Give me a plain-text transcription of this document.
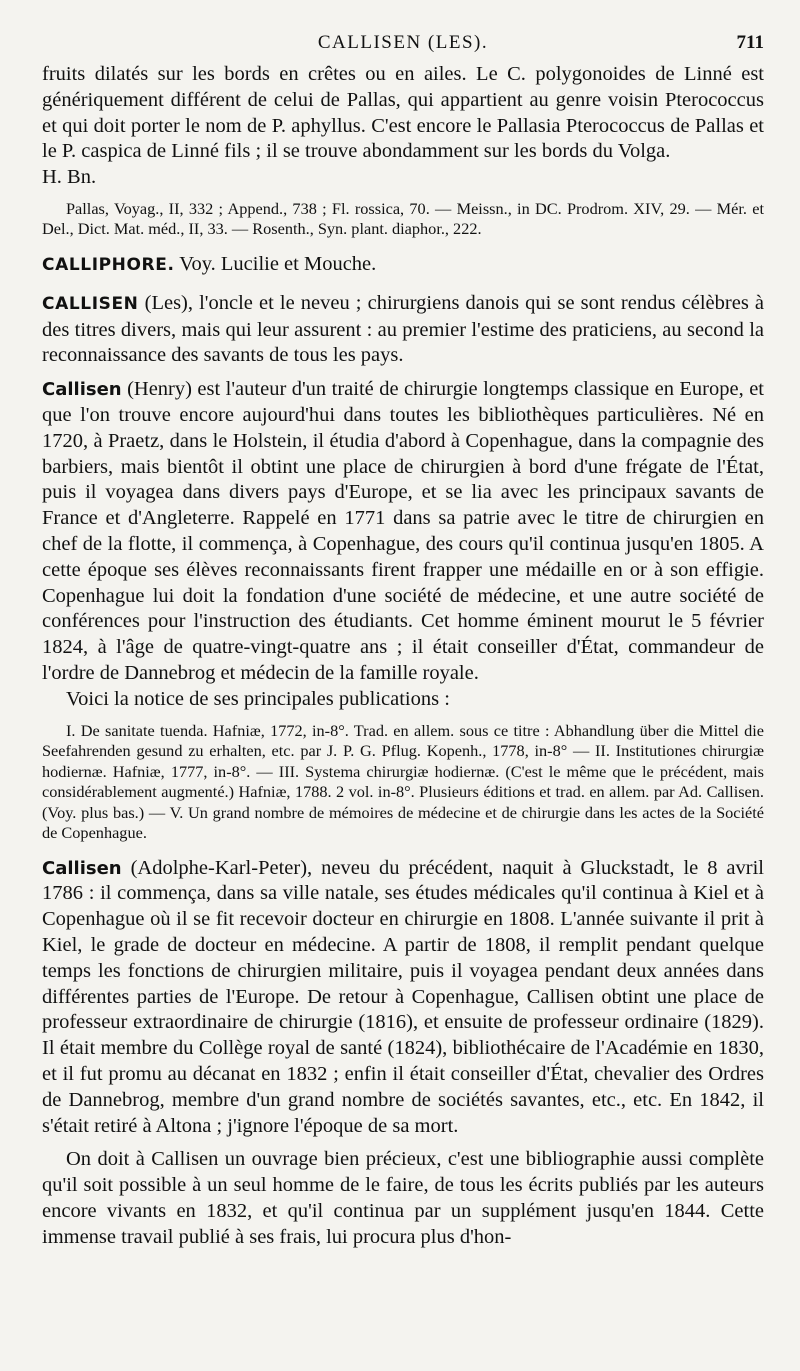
CALLISEN (LES).	711

fruits dilatés sur les bords en crêtes ou en ailes. Le C. polygonoides de Linné est génériquement différent de celui de Pallas, qui appartient au genre voisin Pterococcus et qui doit porter le nom de P. aphyllus. C'est encore le Pallasia Pterococcus de Pallas et le P. caspica de Linné fils ; il se trouve abondamment sur les bords du Volga.
H. Bn.

Pallas, Voyag., II, 332 ; Append., 738 ; Fl. rossica, 70. — Meissn., in DC. Prodrom. XIV, 29. — Mér. et Del., Dict. Mat. méd., II, 33. — Rosenth., Syn. plant. diaphor., 222.

CALLIPHORE. Voy. Lucilie et Mouche.

CALLISEN (Les), l'oncle et le neveu ; chirurgiens danois qui se sont rendus célèbres à des titres divers, mais qui leur assurent : au premier l'estime des praticiens, au second la reconnaissance des savants de tous les pays.

Callisen (Henry) est l'auteur d'un traité de chirurgie longtemps classique en Europe, et que l'on trouve encore aujourd'hui dans toutes les bibliothèques particulières. Né en 1720, à Praetz, dans le Holstein, il étudia d'abord à Copenhague, dans la compagnie des barbiers, mais bientôt il obtint une place de chirurgien à bord d'une frégate de l'État, puis il voyagea dans divers pays d'Europe, et se lia avec les principaux savants de France et d'Angleterre. Rappelé en 1771 dans sa patrie avec le titre de chirurgien en chef de la flotte, il commença, à Copenhague, des cours qu'il continua jusqu'en 1805. A cette époque ses élèves reconnaissants firent frapper une médaille en or à son effigie. Copenhague lui doit la fondation d'une société de médecine, et une autre société de conférences pour l'instruction des étudiants. Cet homme éminent mourut le 5 février 1824, à l'âge de quatre-vingt-quatre ans ; il était conseiller d'État, commandeur de l'ordre de Dannebrog et médecin de la famille royale.

Voici la notice de ses principales publications :

I. De sanitate tuenda. Hafniæ, 1772, in-8°. Trad. en allem. sous ce titre : Abhandlung über die Mittel die Seefahrenden gesund zu erhalten, etc. par J. P. G. Pflug. Kopenh., 1778, in-8° — II. Institutiones chirurgiæ hodiernæ. Hafniæ, 1777, in-8°. — III. Systema chirurgiæ hodiernæ. (C'est le même que le précédent, mais considérablement augmenté.) Hafniæ, 1788. 2 vol. in-8°. Plusieurs éditions et trad. en allem. par Ad. Callisen. (Voy. plus bas.) — V. Un grand nombre de mémoires de médecine et de chirurgie dans les actes de la Société de Copenhague.

Callisen (Adolphe-Karl-Peter), neveu du précédent, naquit à Gluckstadt, le 8 avril 1786 : il commença, dans sa ville natale, ses études médicales qu'il continua à Kiel et à Copenhague où il se fit recevoir docteur en chirurgie en 1808. L'année suivante il prit à Kiel, le grade de docteur en médecine. A partir de 1808, il remplit pendant quelque temps les fonctions de chirurgien militaire, puis il voyagea pendant deux années dans différentes parties de l'Europe. De retour à Copenhague, Callisen obtint une place de professeur extraordinaire de chirurgie (1816), et ensuite de professeur ordinaire (1829). Il était membre du Collège royal de santé (1824), bibliothécaire de l'Académie en 1830, et il fut promu au décanat en 1832 ; enfin il était conseiller d'État, chevalier des Ordres de Dannebrog, membre d'un grand nombre de sociétés savantes, etc., etc. En 1842, il s'était retiré à Altona ; j'ignore l'époque de sa mort.

On doit à Callisen un ouvrage bien précieux, c'est une bibliographie aussi complète qu'il soit possible à un seul homme de le faire, de tous les écrits publiés par les auteurs encore vivants en 1832, et qu'il continua par un supplément jusqu'en 1844. Cette immense travail publié à ses frais, lui procura plus d'hon-
